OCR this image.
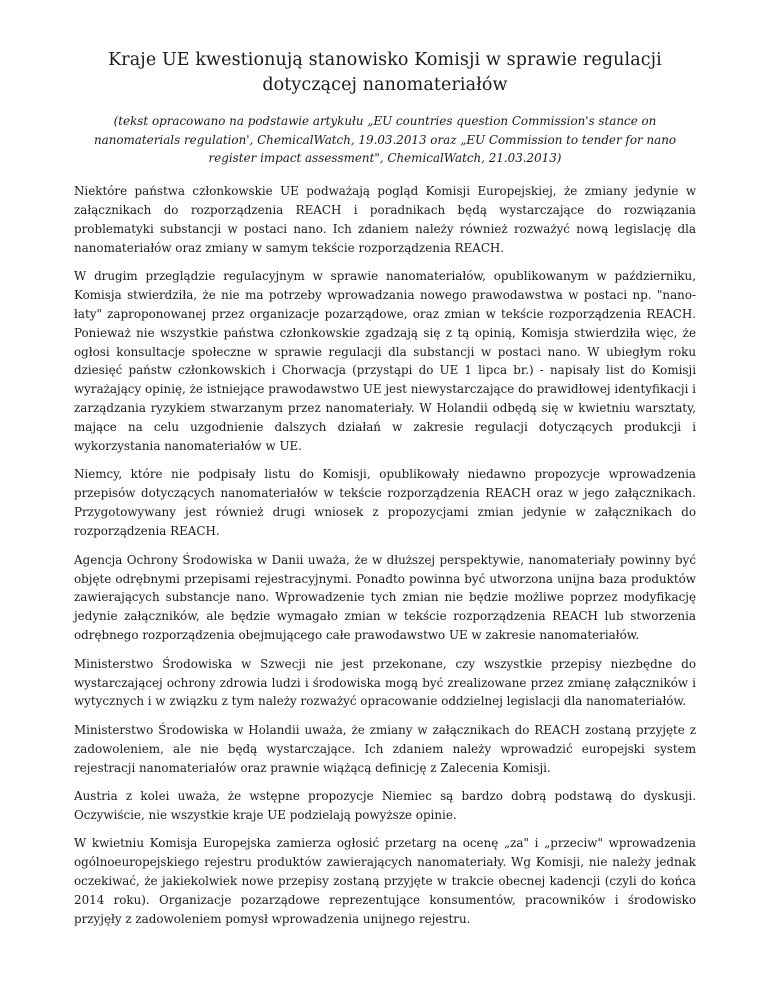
Kraje UE kwestionują stanowisko Komisji w sprawie regulacji dotyczącej nanomateriałów

(tekst opracowano na podstawie artykułu „EU countries question Commission's stance on nanomaterials regulation', ChemicalWatch, 19.03.2013 oraz „EU Commission to tender for nano register impact assessment", ChemicalWatch, 21.03.2013)

Niektóre państwa członkowskie UE podważają pogląd Komisji Europejskiej, że zmiany jedynie w załącznikach do rozporządzenia REACH i poradnikach będą wystarczające do rozwiązania problematyki substancji w postaci nano. Ich zdaniem należy również rozważyć nową legislację dla nanomateriałów oraz zmiany w samym tekście rozporządzenia REACH.

W drugim przeglądzie regulacyjnym w sprawie nanomateriałów, opublikowanym w październiku, Komisja stwierdziła, że nie ma potrzeby wprowadzania nowego prawodawstwa w postaci np. "nano-łaty" zaproponowanej przez organizacje pozarządowe, oraz zmian w tekście rozporządzenia REACH. Ponieważ nie wszystkie państwa członkowskie zgadzają się z tą opinią, Komisja stwierdziła więc, że ogłosi konsultacje społeczne w sprawie regulacji dla substancji w postaci nano. W ubiegłym roku dziesięć państw członkowskich i Chorwacja (przystąpi do UE 1 lipca br.) - napisały list do Komisji wyrażający opinię, że istniejące prawodawstwo UE jest niewystarczające do prawidłowej identyfikacji i zarządzania ryzykiem stwarzanym przez nanomateriały. W Holandii odbędą się w kwietniu warsztaty, mające na celu uzgodnienie dalszych działań w zakresie regulacji dotyczących produkcji i wykorzystania nanomateriałów w UE.

Niemcy, które nie podpisały listu do Komisji, opublikowały niedawno propozycje wprowadzenia przepisów dotyczących nanomateriałów w tekście rozporządzenia REACH oraz w jego załącznikach. Przygotowywany jest również drugi wniosek z propozycjami zmian jedynie w załącznikach do rozporządzenia REACH.

Agencja Ochrony Środowiska w Danii uważa, że w dłuższej perspektywie, nanomateriały powinny być objęte odrębnymi przepisami rejestracyjnymi. Ponadto powinna być utworzona unijna baza produktów zawierających substancje nano. Wprowadzenie tych zmian nie będzie możliwe poprzez modyfikację jedynie załączników, ale będzie wymagało zmian w tekście rozporządzenia REACH lub stworzenia odrębnego rozporządzenia obejmującego całe prawodawstwo UE w zakresie nanomateriałów.

Ministerstwo Środowiska w Szwecji nie jest przekonane, czy wszystkie przepisy niezbędne do wystarczającej ochrony zdrowia ludzi i środowiska mogą być zrealizowane przez zmianę załączników i wytycznych i w związku z tym należy rozważyć opracowanie oddzielnej legislacji dla nanomateriałów.

Ministerstwo Środowiska w Holandii uważa, że zmiany w załącznikach do REACH zostaną przyjęte z zadowoleniem, ale nie będą wystarczające. Ich zdaniem należy wprowadzić europejski system rejestracji nanomateriałów oraz prawnie wiążącą definicję z Zalecenia Komisji.

Austria z kolei uważa, że wstępne propozycje Niemiec są bardzo dobrą podstawą do dyskusji. Oczywiście, nie wszystkie kraje UE podzielają powyższe opinie.

W kwietniu Komisja Europejska zamierza ogłosić przetarg na ocenę „za" i „przeciw" wprowadzenia ogólnoeuropejskiego rejestru produktów zawierających nanomateriały. Wg Komisji, nie należy jednak oczekiwać, że jakiekolwiek nowe przepisy zostaną przyjęte w trakcie obecnej kadencji (czyli do końca 2014 roku). Organizacje pozarządowe reprezentujące konsumentów, pracowników i środowisko przyjęły z zadowoleniem pomysł wprowadzenia unijnego rejestru.
